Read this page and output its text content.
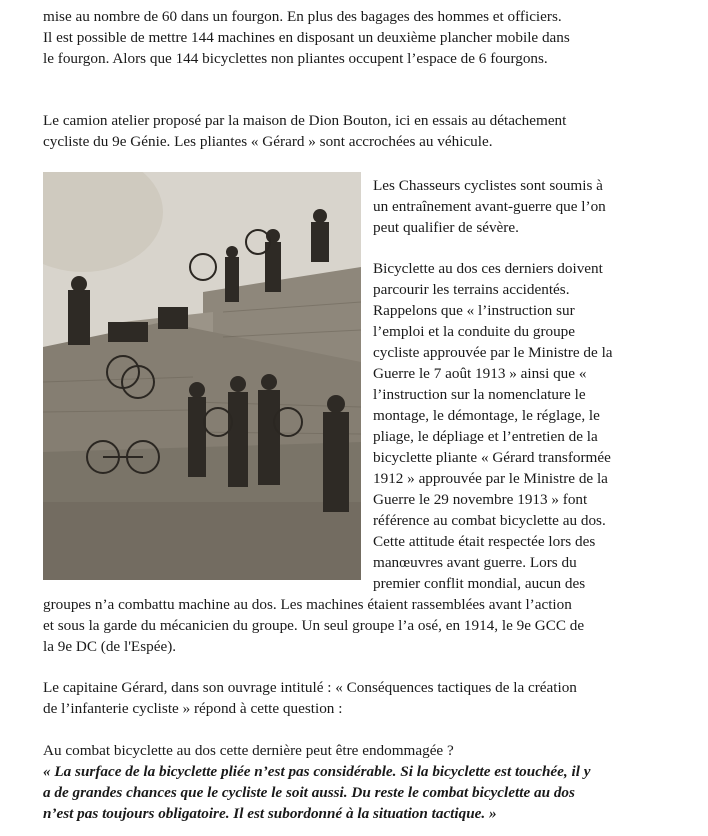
mise au nombre de 60 dans un fourgon. En plus des bagages des hommes et officiers.

Il est possible de mettre 144 machines en disposant un deuxième plancher mobile dans

le fourgon. Alors que 144 bicyclettes non pliantes occupent l’espace de 6 fourgons.

Le camion atelier proposé par la maison de Dion Bouton, ici en essais au détachement

cycliste du 9e Génie. Les pliantes « Gérard » sont accrochées au véhicule.

Les Chasseurs cyclistes sont soumis à

un entraînement avant-guerre que l’on

peut qualifier de sévère.

Bicyclette au dos ces derniers doivent

parcourir les terrains accidentés.

Rappelons que « l’instruction sur

l’emploi et la conduite du groupe

cycliste approuvée par le Ministre de la

Guerre le 7 août 1913 » ainsi que «

l’instruction sur la nomenclature le

montage, le démontage, le réglage, le

pliage, le dépliage et l’entretien de la

bicyclette pliante « Gérard transformée

1912 » approuvée par le Ministre de la

Guerre le 29 novembre 1913 » font

référence au combat bicyclette au dos.

Cette attitude était respectée lors des

manœuvres avant guerre. Lors du

premier conflit mondial, aucun des

groupes n’a combattu machine au dos. Les machines étaient rassemblées avant l’action

et sous la garde du mécanicien du groupe. Un seul groupe l’a osé, en 1914, le 9e GCC de

la 9e DC (de l'Espée).

Le capitaine Gérard, dans son ouvrage intitulé : « Conséquences tactiques de la création

de l’infanterie cycliste » répond à cette question :

Au combat bicyclette au dos cette dernière peut être endommagée ?

« La surface de la bicyclette pliée n’est pas considérable. Si la bicyclette est touchée, il y

a de grandes chances que le cycliste le soit aussi. Du reste le combat bicyclette au dos

n’est pas toujours obligatoire. Il est subordonné à la situation tactique. »
